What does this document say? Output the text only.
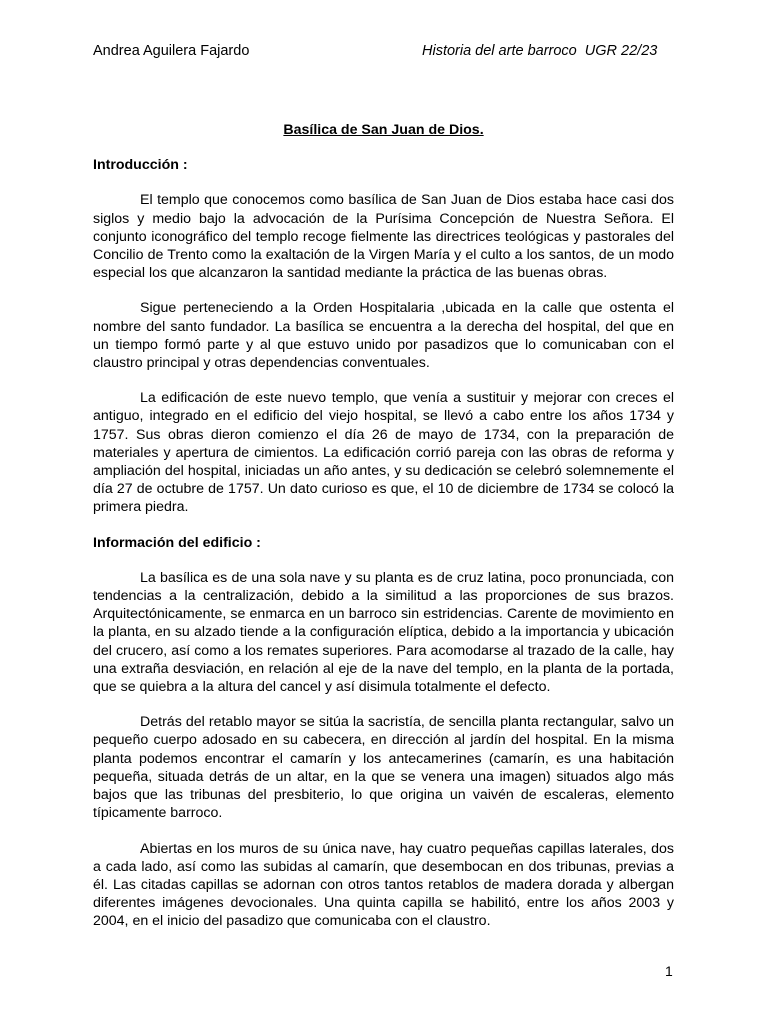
Andrea Aguilera Fajardo	Historia del arte barroco  UGR 22/23
Basílica de San Juan de Dios.
Introducción :

El templo que conocemos como basílica de San Juan de Dios estaba hace casi dos siglos y medio bajo la advocación de la Purísima Concepción de Nuestra Señora. El conjunto iconográfico del templo recoge fielmente las directrices teológicas y pastorales del Concilio de Trento como la exaltación de la Virgen María y el culto a los santos, de un modo especial los que alcanzaron la santidad mediante la práctica de las buenas obras.

Sigue perteneciendo a la Orden Hospitalaria ,ubicada en la calle que ostenta el nombre del santo fundador. La basílica se encuentra a la derecha del hospital, del que en un tiempo formó parte y al que estuvo unido por pasadizos que lo comunicaban con el claustro principal y otras dependencias conventuales.

La edificación de este nuevo templo, que venía a sustituir y mejorar con creces el antiguo, integrado en el edificio del viejo hospital, se llevó a cabo entre los años 1734 y 1757. Sus obras dieron comienzo el día 26 de mayo de 1734, con la preparación de materiales y apertura de cimientos. La edificación corrió pareja con las obras de reforma y ampliación del hospital, iniciadas un año antes, y su dedicación se celebró solemnemente el día 27 de octubre de 1757. Un dato curioso es que, el 10 de diciembre de 1734 se colocó la primera piedra.

Información del edificio :

La basílica es de una sola nave y su planta es de cruz latina, poco pronunciada, con tendencias a la centralización, debido a la similitud a las proporciones de sus brazos. Arquitectónicamente, se enmarca en un barroco sin estridencias. Carente de movimiento en la planta, en su alzado tiende a la configuración elíptica, debido a la importancia y ubicación del crucero, así como a los remates superiores. Para acomodarse al trazado de la calle, hay una extraña desviación, en relación al eje de la nave del templo, en la planta de la portada, que se quiebra a la altura del cancel y así disimula totalmente el defecto.

Detrás del retablo mayor se sitúa la sacristía, de sencilla planta rectangular, salvo un pequeño cuerpo adosado en su cabecera, en dirección al jardín del hospital. En la misma planta podemos encontrar el camarín y los antecamerines (camarín, es una habitación pequeña, situada detrás de un altar, en la que se venera una imagen) situados algo más bajos que las tribunas del presbiterio, lo que origina un vaivén de escaleras, elemento típicamente barroco.

Abiertas en los muros de su única nave, hay cuatro pequeñas capillas laterales, dos a cada lado, así como las subidas al camarín, que desembocan en dos tribunas, previas a él. Las citadas capillas se adornan con otros tantos retablos de madera dorada y albergan diferentes imágenes devocionales. Una quinta capilla se habilitó, entre los años 2003 y 2004, en el inicio del pasadizo que comunicaba con el claustro.

1
